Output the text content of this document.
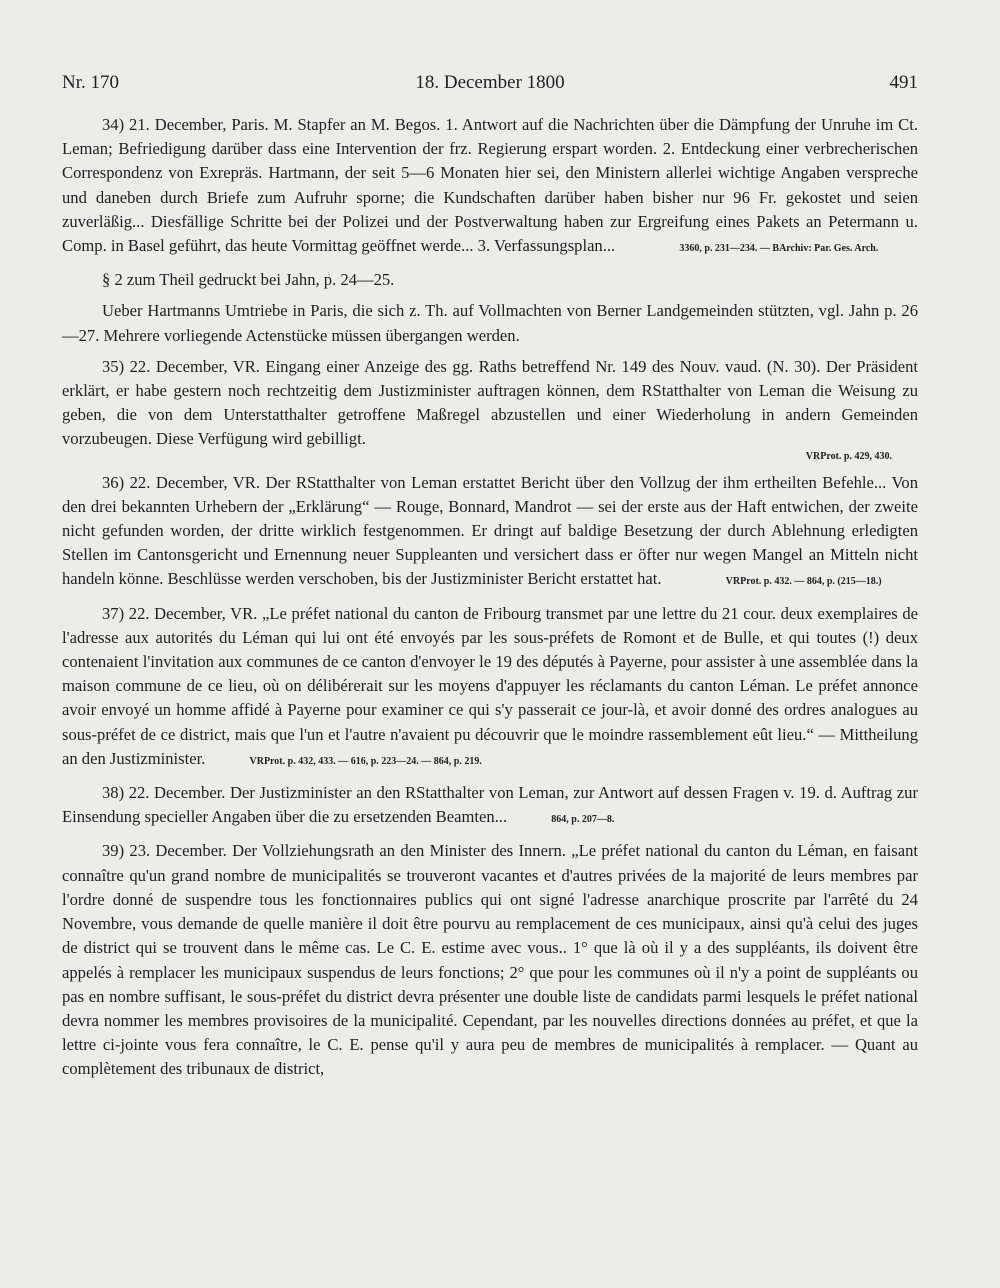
Nr. 170	18. December 1800	491

34) 21. December, Paris. M. Stapfer an M. Begos. 1. Antwort auf die Nachrichten über die Dämpfung der Unruhe im Ct. Leman; Befriedigung darüber dass eine Intervention der frz. Regierung erspart worden. 2. Entdeckung einer verbrecherischen Correspondenz von Exrepräs. Hartmann, der seit 5—6 Monaten hier sei, den Ministern allerlei wichtige Angaben verspreche und daneben durch Briefe zum Aufruhr sporne; die Kundschaften darüber haben bisher nur 96 Fr. gekostet und seien zuverläßig... Diesfällige Schritte bei der Polizei und der Postverwaltung haben zur Ergreifung eines Pakets an Petermann u. Comp. in Basel geführt, das heute Vormittag geöffnet werde... 3. Verfassungsplan...	3360, p. 231—234. — BArchiv: Par. Ges. Arch.

§ 2 zum Theil gedruckt bei Jahn, p. 24—25.

Ueber Hartmanns Umtriebe in Paris, die sich z. Th. auf Vollmachten von Berner Landgemeinden stützten, vgl. Jahn p. 26—27. Mehrere vorliegende Actenstücke müssen übergangen werden.

35) 22. December, VR. Eingang einer Anzeige des gg. Raths betreffend Nr. 149 des Nouv. vaud. (N. 30). Der Präsident erklärt, er habe gestern noch rechtzeitig dem Justizminister auftragen können, dem RStatthalter von Leman die Weisung zu geben, die von dem Unterstatthalter getroffene Maßregel abzustellen und einer Wiederholung in andern Gemeinden vorzubeugen. Diese Verfügung wird gebilligt.
VRProt. p. 429, 430.

36) 22. December, VR. Der RStatthalter von Leman erstattet Bericht über den Vollzug der ihm ertheilten Befehle... Von den drei bekannten Urhebern der „Erklärung“ — Rouge, Bonnard, Mandrot — sei der erste aus der Haft entwichen, der zweite nicht gefunden worden, der dritte wirklich festgenommen. Er dringt auf baldige Besetzung der durch Ablehnung erledigten Stellen im Cantonsgericht und Ernennung neuer Suppleanten und versichert dass er öfter nur wegen Mangel an Mitteln nicht handeln könne. Beschlüsse werden verschoben, bis der Justizminister Bericht erstattet hat.	VRProt. p. 432. — 864, p. (215—18.)

37) 22. December, VR. „Le préfet national du canton de Fribourg transmet par une lettre du 21 cour. deux exemplaires de l'adresse aux autorités du Léman qui lui ont été envoyés par les sous-préfets de Romont et de Bulle, et qui toutes (!) deux contenaient l'invitation aux communes de ce canton d'envoyer le 19 des députés à Payerne, pour assister à une assemblée dans la maison commune de ce lieu, où on délibérerait sur les moyens d'appuyer les réclamants du canton Léman. Le préfet annonce avoir envoyé un homme affidé à Payerne pour examiner ce qui s'y passerait ce jour-là, et avoir donné des ordres analogues au sous-préfet de ce district, mais que l'un et l'autre n'avaient pu découvrir que le moindre rassemblement eût lieu.“ — Mittheilung an den Justizminister.	VRProt. p. 432, 433. — 616, p. 223—24. — 864, p. 219.

38) 22. December. Der Justizminister an den RStatthalter von Leman, zur Antwort auf dessen Fragen v. 19. d. Auftrag zur Einsendung specieller Angaben über die zu ersetzenden Beamten...	864, p. 207—8.

39) 23. December. Der Vollziehungsrath an den Minister des Innern. „Le préfet national du canton du Léman, en faisant connaître qu'un grand nombre de municipalités se trouveront vacantes et d'autres privées de la majorité de leurs membres par l'ordre donné de suspendre tous les fonctionnaires publics qui ont signé l'adresse anarchique proscrite par l'arrêté du 24 Novembre, vous demande de quelle manière il doit être pourvu au remplacement de ces municipaux, ainsi qu'à celui des juges de district qui se trouvent dans le même cas. Le C. E. estime avec vous.. 1° que là où il y a des suppléants, ils doivent être appelés à remplacer les municipaux suspendus de leurs fonctions; 2° que pour les communes où il n'y a point de suppléants ou pas en nombre suffisant, le sous-préfet du district devra présenter une double liste de candidats parmi lesquels le préfet national devra nommer les membres provisoires de la municipalité. Cependant, par les nouvelles directions données au préfet, et que la lettre ci-jointe vous fera connaître, le C. E. pense qu'il y aura peu de membres de municipalités à remplacer. — Quant au complètement des tribunaux de district,
